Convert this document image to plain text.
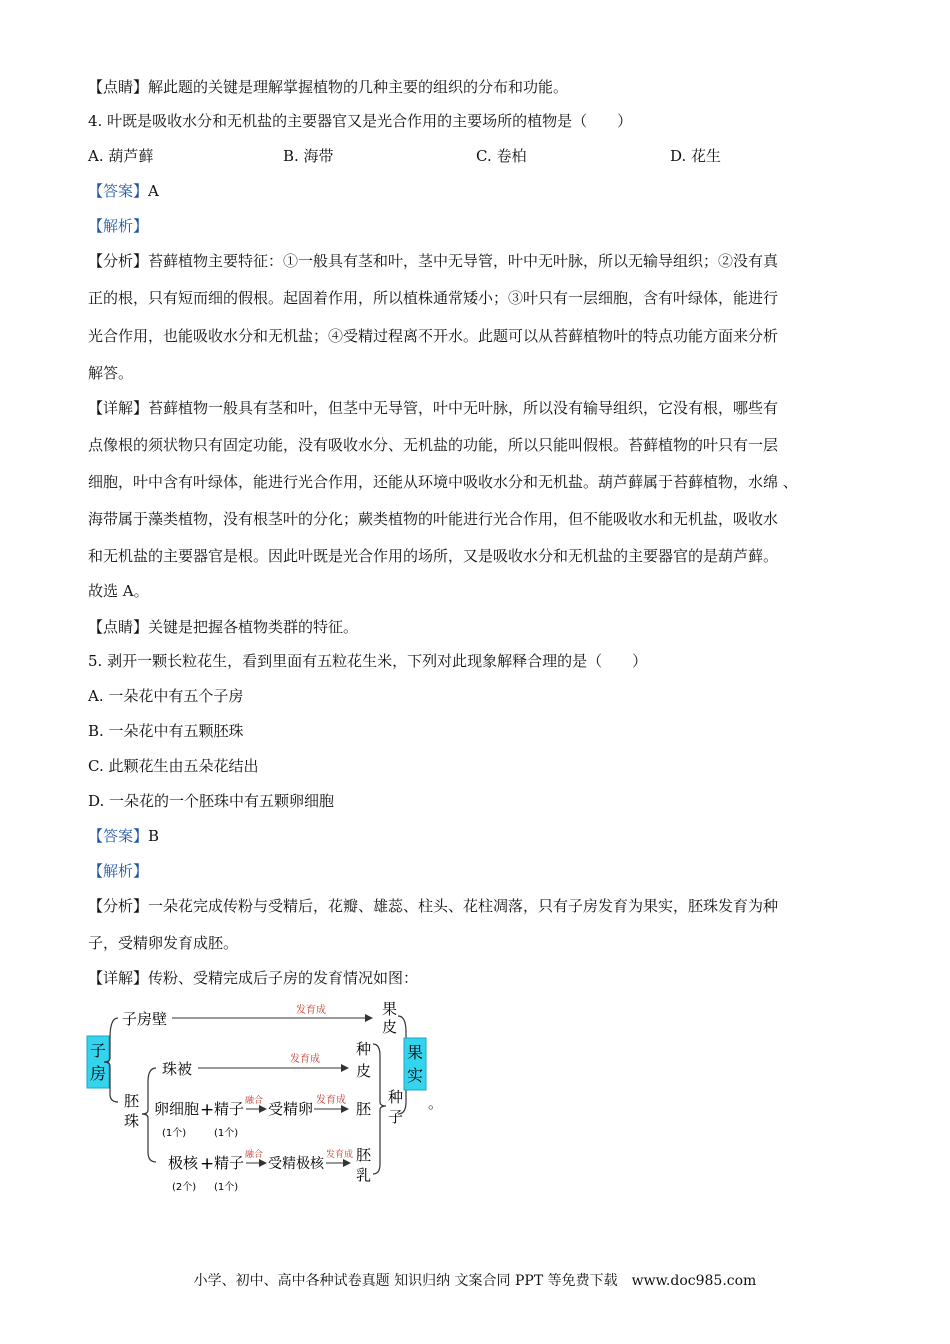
【点睛】解此题的关键是理解掌握植物的几种主要的组织的分布和功能。
4. 叶既是吸收水分和无机盐的主要器官又是光合作用的主要场所的植物是（　　）
A. 葫芦藓	B. 海带	C. 卷柏	D. 花生
【答案】A
【解析】
【分析】苔藓植物主要特征：①一般具有茎和叶，茎中无导管，叶中无叶脉，所以无输导组织；②没有真
正的根，只有短而细的假根。起固着作用，所以植株通常矮小；③叶只有一层细胞，含有叶绿体，能进行
光合作用，也能吸收水分和无机盐；④受精过程离不开水。此题可以从苔藓植物叶的特点功能方面来分析
解答。
【详解】苔藓植物一般具有茎和叶，但茎中无导管，叶中无叶脉，所以没有输导组织，它没有根，哪些有
点像根的须状物只有固定功能，没有吸收水分、无机盐的功能，所以只能叫假根。苔藓植物的叶只有一层
细胞，叶中含有叶绿体，能进行光合作用，还能从环境中吸收水分和无机盐。葫芦藓属于苔藓植物，水绵 、
海带属于藻类植物，没有根茎叶的分化；蕨类植物的叶能进行光合作用，但不能吸收水和无机盐，吸收水
和无机盐的主要器官是根。因此叶既是光合作用的场所，又是吸收水分和无机盐的主要器官的是葫芦藓。
故选 A。
【点睛】关键是把握各植物类群的特征。
5. 剥开一颗长粒花生，看到里面有五粒花生米，下列对此现象解释合理的是（　　）
A. 一朵花中有五个子房
B. 一朵花中有五颗胚珠
C. 此颗花生由五朵花结出
D. 一朵花的一个胚珠中有五颗卵细胞
【答案】B
【解析】
【分析】一朵花完成传粉与受精后，花瓣、雄蕊、柱头、花柱凋落，只有子房发育为果实，胚珠发育为种
子，受精卵发育成胚。
【详解】传粉、受精完成后子房的发育情况如图：
子
房
子房壁	发育成	果
皮
胚
珠
珠被
发育成
种
皮
卵细胞
(1个)
+ 精子
(1个)
融合 受精卵 发育成 胚
极核
(2个)
+ 精子
(1个)
融合
受精极核
发育成 胚
乳
种
子
果
实
。
小学、初中、高中各种试卷真题 知识归纳 文案合同 PPT 等免费下载　www.doc985.com
